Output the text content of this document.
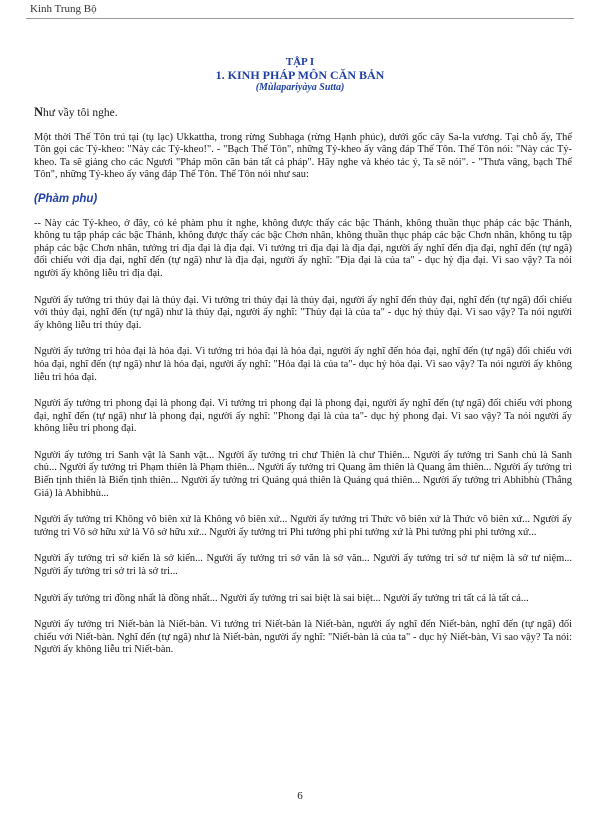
Kinh Trung Bộ
TẬP I
1. KINH PHÁP MÔN CĂN BẢN
(Mùlapariyàya Sutta)

Như vầy tôi nghe.

Một thời Thế Tôn trú tại (tụ lạc) Ukkattha, trong rừng Subhaga (rừng Hạnh phúc), dưới gốc cây Sa-la vương. Tại chỗ ấy, Thế Tôn gọi các Tỷ-kheo: "Này các Tỷ-kheo!". - "Bạch Thế Tôn", những Tỷ-kheo ấy vâng đáp Thế Tôn. Thế Tôn nói: "Này các Tỷ-kheo. Ta sẽ giảng cho các Ngươi "Pháp môn căn bản tất cả pháp". Hãy nghe và khéo tác ý, Ta sẽ nói". - "Thưa vâng, bạch Thế Tôn", những Tỷ-kheo ấy vâng đáp Thế Tôn. Thế Tôn nói như sau:

(Phàm phu)

-- Này các Tỷ-kheo, ở đây, có kẻ phàm phu ít nghe, không được thấy các bậc Thánh, không thuần thục pháp các bậc Thánh, không tu tập pháp các bậc Thánh, không được thấy các bậc Chơn nhân, không thuần thục pháp các bậc Chơn nhân, không tu tập pháp các bậc Chơn nhân, tưởng tri địa đại là địa đại. Vì tưởng tri địa đại là địa đại, người ấy nghĩ đến địa đại, nghĩ đến (tự ngã) đối chiếu với địa đại, nghĩ đến (tự ngã) như là địa đại, người ấy nghĩ: "Địa đại là của ta" - dục hỷ địa đại. Vì sao vậy? Ta nói người ấy không liễu tri địa đại.

Người ấy tưởng tri thủy đại là thủy đại. Vì tưởng tri thủy đại là thủy đại, người ấy nghĩ đến thủy đại, nghĩ đến (tự ngã) đối chiếu với thủy đại, nghĩ đến (tự ngã) như là thủy đại, người ấy nghĩ: "Thủy đại là của ta" - dục hỷ thủy đại. Vì sao vậy? Ta nói người ấy không liễu tri thủy đại.

Người ấy tưởng tri hỏa đại là hỏa đại. Vì tưởng tri hỏa đại là hỏa đại, người ấy nghĩ đến hỏa đại, nghĩ đến (tự ngã) đối chiếu với hỏa đại, nghĩ đến (tự ngã) như là hỏa đại, người ấy nghĩ: "Hỏa đại là của ta"- dục hỷ hỏa đại. Vì sao vậy? Ta nói người ấy không liễu tri hỏa đại.

Người ấy tưởng tri phong đại là phong đại. Vì tưởng tri phong đại là phong đại, người ấy nghĩ đến (tự ngã) đối chiếu với phong đại, nghĩ đến (tự ngã) như là phong đại, người ấy nghĩ: "Phong đại là của ta"- dục hỷ phong đại. Vì sao vậy? Ta nói người ấy không liễu tri phong đại.

Người ấy tưởng tri Sanh vật là Sanh vật... Người ấy tưởng tri chư Thiên là chư Thiên... Người ấy tưởng tri Sanh chủ là Sanh chủ... Người ấy tưởng tri Phạm thiên là Phạm thiên... Người ấy tưởng tri Quang âm thiên là Quang âm thiên... Người ấy tưởng tri Biến tịnh thiên là Biến tịnh thiên... Người ấy tưởng tri Quảng quả thiên là Quảng quả thiên... Người ấy tưởng tri Abhibhù (Thắng Giả) là Abhibhù...

Người ấy tưởng tri Không vô biên xứ là Không vô biên xứ... Người ấy tưởng tri Thức vô biên xứ là Thức vô biên xứ... Người ấy tưởng tri Vô sở hữu xứ là Vô sở hữu xứ... Người ấy tưởng tri Phi tưởng phi phi tưởng xứ là Phi tưởng phi phi tưởng xứ...

Người ấy tưởng tri sở kiến là sở kiến... Người ấy tưởng tri sở văn là sở văn... Người ấy tưởng tri sở tư niệm là sở tư niệm... Người ấy tưởng tri sở tri là sở tri...

Người ấy tưởng tri đồng nhất là đồng nhất... Người ấy tưởng tri sai biệt là sai biệt... Người ấy tưởng tri tất cả là tất cả...

Người ấy tưởng tri Niết-bàn là Niết-bàn. Vì tưởng tri Niết-bàn là Niết-bàn, người ấy nghĩ đến Niết-bàn, nghĩ đến (tự ngã) đối chiếu với Niết-bàn. Nghĩ đến (tự ngã) như là Niết-bàn, người ấy nghĩ: "Niết-bàn là của ta" - dục hỷ Niết-bàn, Vì sao vậy? Ta nói: Người ấy không liễu tri Niết-bàn.

6
